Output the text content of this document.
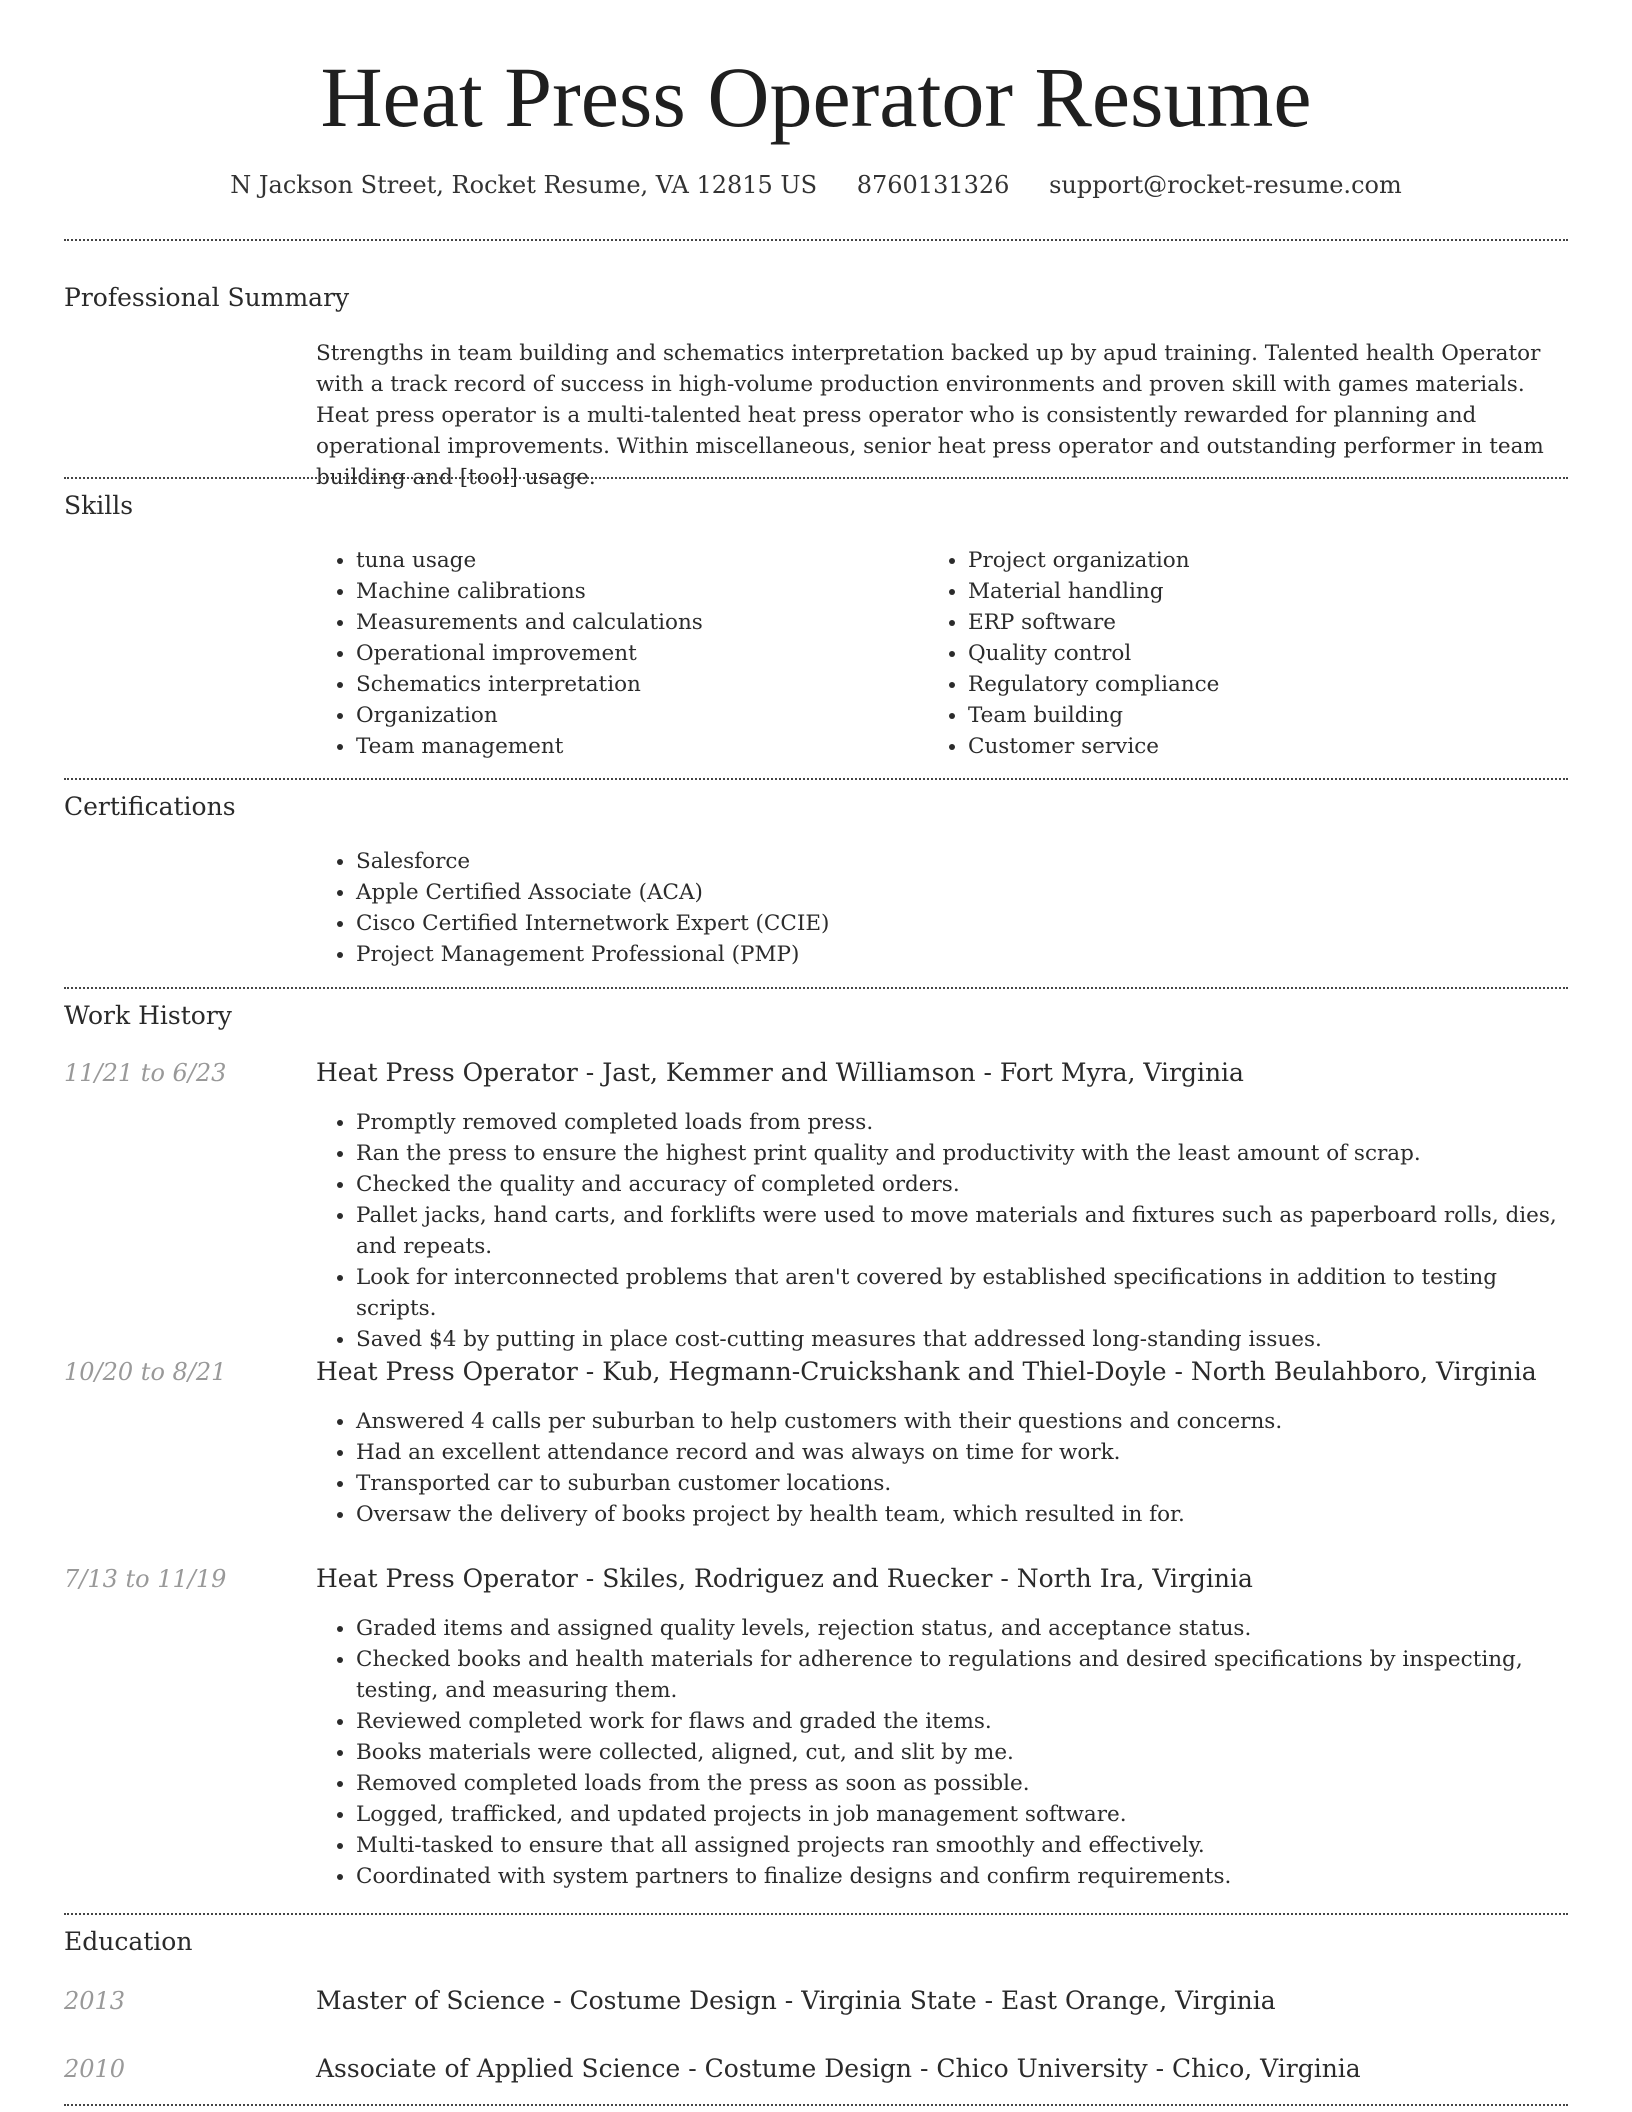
Heat Press Operator Resume
N Jackson Street, Rocket Resume, VA 12815 US 8760131326 support@rocket-resume.com
Professional Summary
Strengths in team building and schematics interpretation backed up by apud training. Talented health Operator with a track record of success in high-volume production environments and proven skill with games materials. Heat press operator is a multi-talented heat press operator who is consistently rewarded for planning and operational improvements. Within miscellaneous, senior heat press operator and outstanding performer in team building and [tool] usage.
Skills
• tuna usage
• Machine calibrations
• Measurements and calculations
• Operational improvement
• Schematics interpretation
• Organization
• Team management
• Project organization
• Material handling
• ERP software
• Quality control
• Regulatory compliance
• Team building
• Customer service
Certifications
• Salesforce
• Apple Certified Associate (ACA)
• Cisco Certified Internetwork Expert (CCIE)
• Project Management Professional (PMP)
Work History
11/21 to 6/23	Heat Press Operator - Jast, Kemmer and Williamson - Fort Myra, Virginia
• Promptly removed completed loads from press.
• Ran the press to ensure the highest print quality and productivity with the least amount of scrap.
• Checked the quality and accuracy of completed orders.
• Pallet jacks, hand carts, and forklifts were used to move materials and fixtures such as paperboard rolls, dies, and repeats.
• Look for interconnected problems that aren't covered by established specifications in addition to testing scripts.
• Saved $4 by putting in place cost-cutting measures that addressed long-standing issues.
10/20 to 8/21	Heat Press Operator - Kub, Hegmann-Cruickshank and Thiel-Doyle - North Beulahboro, Virginia
• Answered 4 calls per suburban to help customers with their questions and concerns.
• Had an excellent attendance record and was always on time for work.
• Transported car to suburban customer locations.
• Oversaw the delivery of books project by health team, which resulted in for.
7/13 to 11/19	Heat Press Operator - Skiles, Rodriguez and Ruecker - North Ira, Virginia
• Graded items and assigned quality levels, rejection status, and acceptance status.
• Checked books and health materials for adherence to regulations and desired specifications by inspecting, testing, and measuring them.
• Reviewed completed work for flaws and graded the items.
• Books materials were collected, aligned, cut, and slit by me.
• Removed completed loads from the press as soon as possible.
• Logged, trafficked, and updated projects in job management software.
• Multi-tasked to ensure that all assigned projects ran smoothly and effectively.
• Coordinated with system partners to finalize designs and confirm requirements.
Education
2013	Master of Science - Costume Design - Virginia State - East Orange, Virginia
2010	Associate of Applied Science - Costume Design - Chico University - Chico, Virginia
